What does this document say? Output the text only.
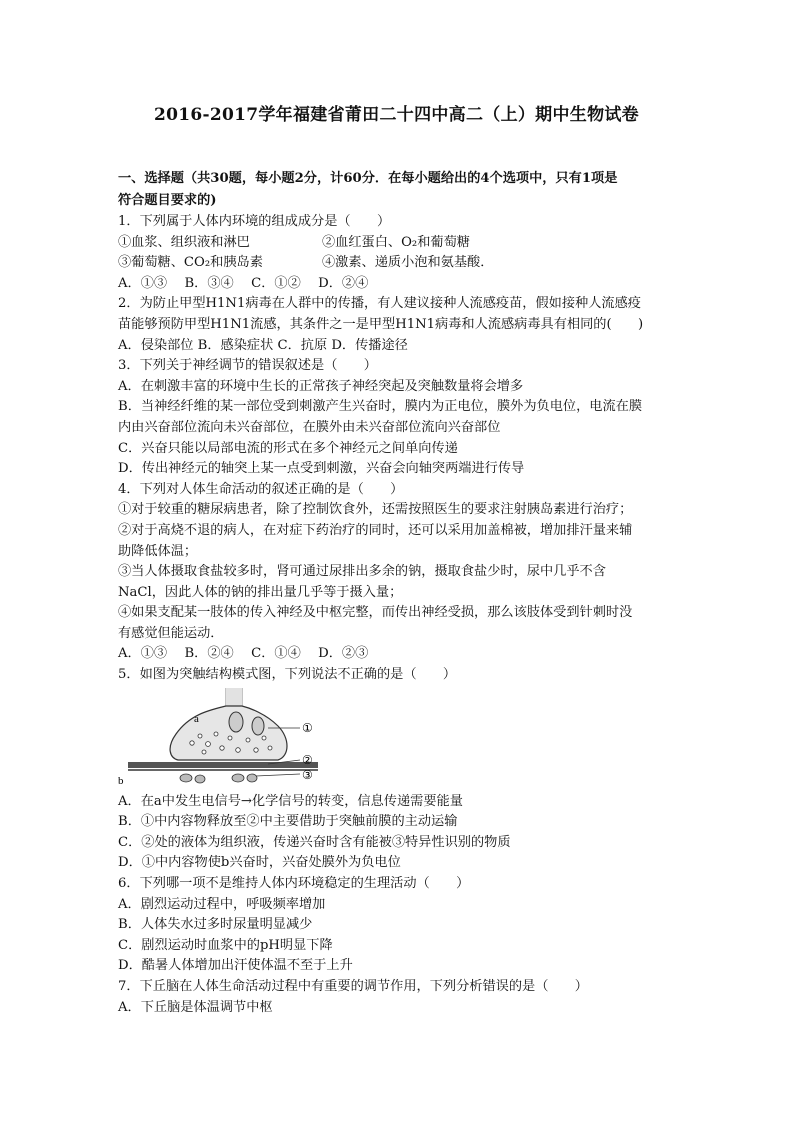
2016-2017学年福建省莆田二十四中高二（上）期中生物试卷
一、选择题（共30题，每小题2分，计60分．在每小题给出的4个选项中，只有1项是
符合题目要求的)
1．下列属于人体内环境的组成成分是（　　）
①血浆、组织液和淋巴	②血红蛋白、O₂和葡萄糖
③葡萄糖、CO₂和胰岛素	④激素、递质小泡和氨基酸．
A．①③　 B．③④　 C．①②　 D．②④
2．为防止甲型H1N1病毒在人群中的传播，有人建议接种人流感疫苗，假如接种人流感疫
苗能够预防甲型H1N1流感，其条件之一是甲型H1N1病毒和人流感病毒具有相同的(　　)
A．侵染部位 B．感染症状 C．抗原 D．传播途径
3．下列关于神经调节的错误叙述是（　　）
A．在刺激丰富的环境中生长的正常孩子神经突起及突触数量将会增多
B．当神经纤维的某一部位受到刺激产生兴奋时，膜内为正电位，膜外为负电位，电流在膜
内由兴奋部位流向未兴奋部位，在膜外由未兴奋部位流向兴奋部位
C．兴奋只能以局部电流的形式在多个神经元之间单向传递
D．传出神经元的轴突上某一点受到刺激，兴奋会向轴突两端进行传导
4．下列对人体生命活动的叙述正确的是（　　）
①对于较重的糖尿病患者，除了控制饮食外，还需按照医生的要求注射胰岛素进行治疗；
②对于高烧不退的病人，在对症下药治疗的同时，还可以采用加盖棉被，增加排汗量来辅
助降低体温；
③当人体摄取食盐较多时，肾可通过尿排出多余的钠，摄取食盐少时，尿中几乎不含
NaCl，因此人体的钠的排出量几乎等于摄入量；
④如果支配某一肢体的传入神经及中枢完整，而传出神经受损，那么该肢体受到针刺时没
有感觉但能运动．
A．①③　 B．②④　 C．①④　 D．②③
5．如图为突触结构模式图，下列说法不正确的是（　　）
a
b
①
②
③
A．在a中发生电信号→化学信号的转变，信息传递需要能量
B．①中内容物释放至②中主要借助于突触前膜的主动运输
C．②处的液体为组织液，传递兴奋时含有能被③特异性识别的物质
D．①中内容物使b兴奋时，兴奋处膜外为负电位
6．下列哪一项不是维持人体内环境稳定的生理活动（　　）
A．剧烈运动过程中，呼吸频率增加
B．人体失水过多时尿量明显减少
C．剧烈运动时血浆中的pH明显下降
D．酷暑人体增加出汗使体温不至于上升
7．下丘脑在人体生命活动过程中有重要的调节作用，下列分析错误的是（　　）
A．下丘脑是体温调节中枢
